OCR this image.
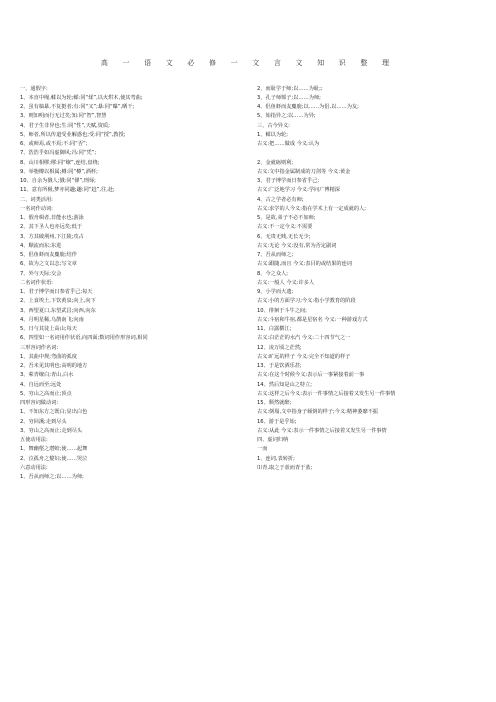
高 一 语 文 必 修 一 文 言 文 知 识 整 理
一、通假字:
1、本直中绳,輮以为轮;輮:同“煣”,以火烘木,使其弯曲;
2、虽有槁暴,不复挺者;有:同“又”;暴:同“曝”,晒干;
3、则知明而行无过矣;知:同“智”,智慧
4、君子生非异也;生:同“性”,天赋,资质;
5、师者,所以传道受业解惑也;受:同“授”,教授;
6、或师焉,或不焉;不:同“否”;
7、浩浩乎如冯虚御风;冯:同“凭”;
8、山川相缪;缪:同“缭”,连结,盘绕;
9、举匏樽以相属;樽:同“樽”,酒杯;
10、自余为戮人;戮:同“僇”,刑辱;
11、意有所极,梦亦同趣;趣:同“趋”,往,赴;
二、词类活用:
一名词作动词:
1、假舟楫者,非能水也;游泳
2、其下圣人也亦远矣;低于
3、方其破荆州,下江陵;攻占
4、顺流而东;东进
5、侣鱼虾而友麋鹿;结伴
6、故为之文以志;写文章
7、外与天际;交会
二名词作状语:
1、君子博学而日参省乎己;每天
2、上食埃土,下饮黄泉;向上,向下
3、西望夏口,东望武昌;向西,向东
4、月明星稀,乌鹊南飞;向南
5、日与其徒上高山;每天
6、四望如一名词用作状语,向四面;数词用作形容词,相同
三形容词作名词:
1、其曲中规;弯曲的弧度
2、吾未见其明也;高明的地方
3、萦青缭白;青山,白水
4、自远而至;远处
5、穷山之高而止;顶点
四形容词做动词:
1、不知东方之既白;显出白色
2、穷回溪;走到尽头
3、穷山之高而止;走到尽头
五使动用法:
1、舞幽壑之潜蛟;使……起舞
2、泣孤舟之嫠妇;使……哭泣
六意动用法:
1、吾从而师之;以……为师;
2、而耻学于师;以……为耻;;
3、孔子师郯子;以……为师;
4、侣鱼虾而友麋鹿;以……为侣,以……为友;
5、始指异之;以……为异;
三、古今异义:
1、輮以为轮;
古义:把……做成 今义:认为
2、金就砺则利;
古义:文中指金属制成的刀剑等 今义:黄金
3、君子博学而日参省乎己;
古义:广泛地学习 今义:学问广博精深
4、古之学者必有师;
古义:求学的人今义:指在学术上有一定成就的人;
5、是故,弟子不必不如师;
古义:不一定今义:不需要
6、无贵无贱,无长无少;
古义:无论 今义:没有,常为否定副词
7、吾从而师之;
古义:跟随,而且 今义:表目的或结果的连词
8、今之众人;
古义:一般人 今义:许多人
9、小学而大遗;
古义:小的方面学习;今义:指小学教育的阶段
10、徘徊于斗牛之间;
古义:斗宿和牛宿,都是星宿名 今义:一种游戏方式
11、白露横江;
古义:白茫茫的水汽 今义:二十四节气之一
12、凌万顷之茫然;
古义:旷远的样子 今义:完全不知道的样子
13、于是饮酒乐甚;
古义:在这个时候今义:表示后一事紧接着前一事
14、然后知是山之特立;
古义:这样之后今义:表示一件事情之后接着又发生另一件事情
15、颓然就醉;
古义:倒塌,文中指身子倾倒的样子;今义:精神萎靡不振
16、游于是乎始;
古义:从此 今义:表示一件事情之后接着又发生另一件事情
四、虚词归纳
一而
1、连词,表转折;
⑴青,取之于蓝而青于蓝;
